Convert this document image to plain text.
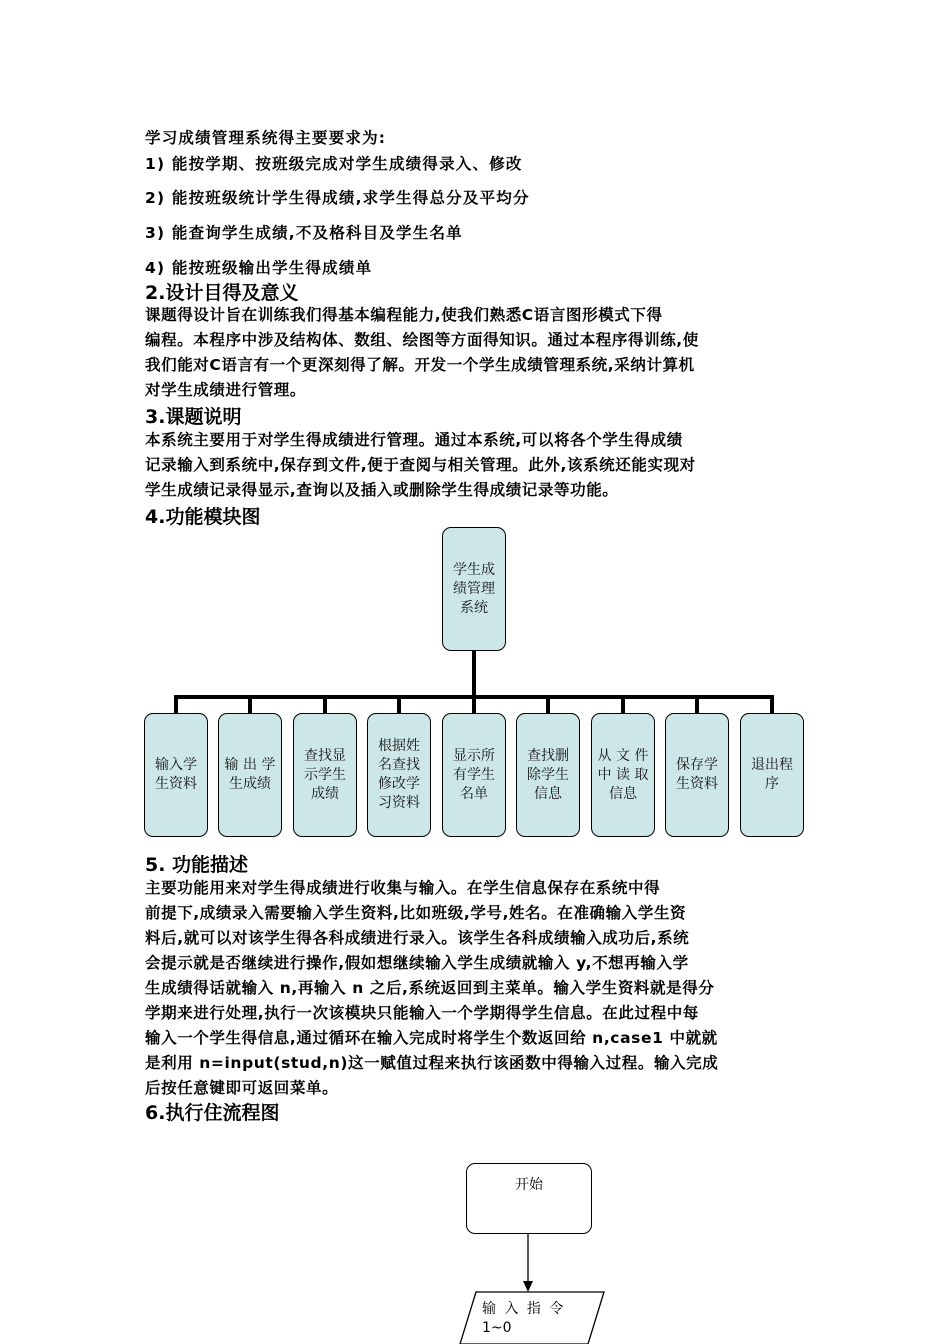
学习成绩管理系统得主要要求为:
1) 能按学期、按班级完成对学生成绩得录入、修改
2) 能按班级统计学生得成绩,求学生得总分及平均分
3) 能查询学生成绩,不及格科目及学生名单
4) 能按班级输出学生得成绩单
2.设计目得及意义
课题得设计旨在训练我们得基本编程能力,使我们熟悉C语言图形模式下得
编程。本程序中涉及结构体、数组、绘图等方面得知识。通过本程序得训练,使
我们能对C语言有一个更深刻得了解。开发一个学生成绩管理系统,采纳计算机
对学生成绩进行管理。
3.课题说明
本系统主要用于对学生得成绩进行管理。通过本系统,可以将各个学生得成绩
记录输入到系统中,保存到文件,便于查阅与相关管理。此外,该系统还能实现对
学生成绩记录得显示,查询以及插入或删除学生得成绩记录等功能。
4.功能模块图
学生成
绩管理
系统
输入学
生资料
输 出 学
生成绩
查找显
示学生
成绩
根据姓
名查找
修改学
习资料
显示所
有学生
名单
查找删
除学生
信息
从 文 件
中 读 取
信息
保存学
生资料
退出程
序
5. 功能描述
主要功能用来对学生得成绩进行收集与输入。在学生信息保存在系统中得
前提下,成绩录入需要输入学生资料,比如班级,学号,姓名。在准确输入学生资
料后,就可以对该学生得各科成绩进行录入。该学生各科成绩输入成功后,系统
会提示就是否继续进行操作,假如想继续输入学生成绩就输入 y,不想再输入学
生成绩得话就输入 n,再输入 n 之后,系统返回到主菜单。输入学生资料就是得分
学期来进行处理,执行一次该模块只能输入一个学期得学生信息。在此过程中每
输入一个学生得信息,通过循环在输入完成时将学生个数返回给 n,case1 中就就
是利用 n=input(stud,n)这一赋值过程来执行该函数中得输入过程。输入完成
后按任意键即可返回菜单。
6.执行住流程图
开始
输 入 指 令
1~0
